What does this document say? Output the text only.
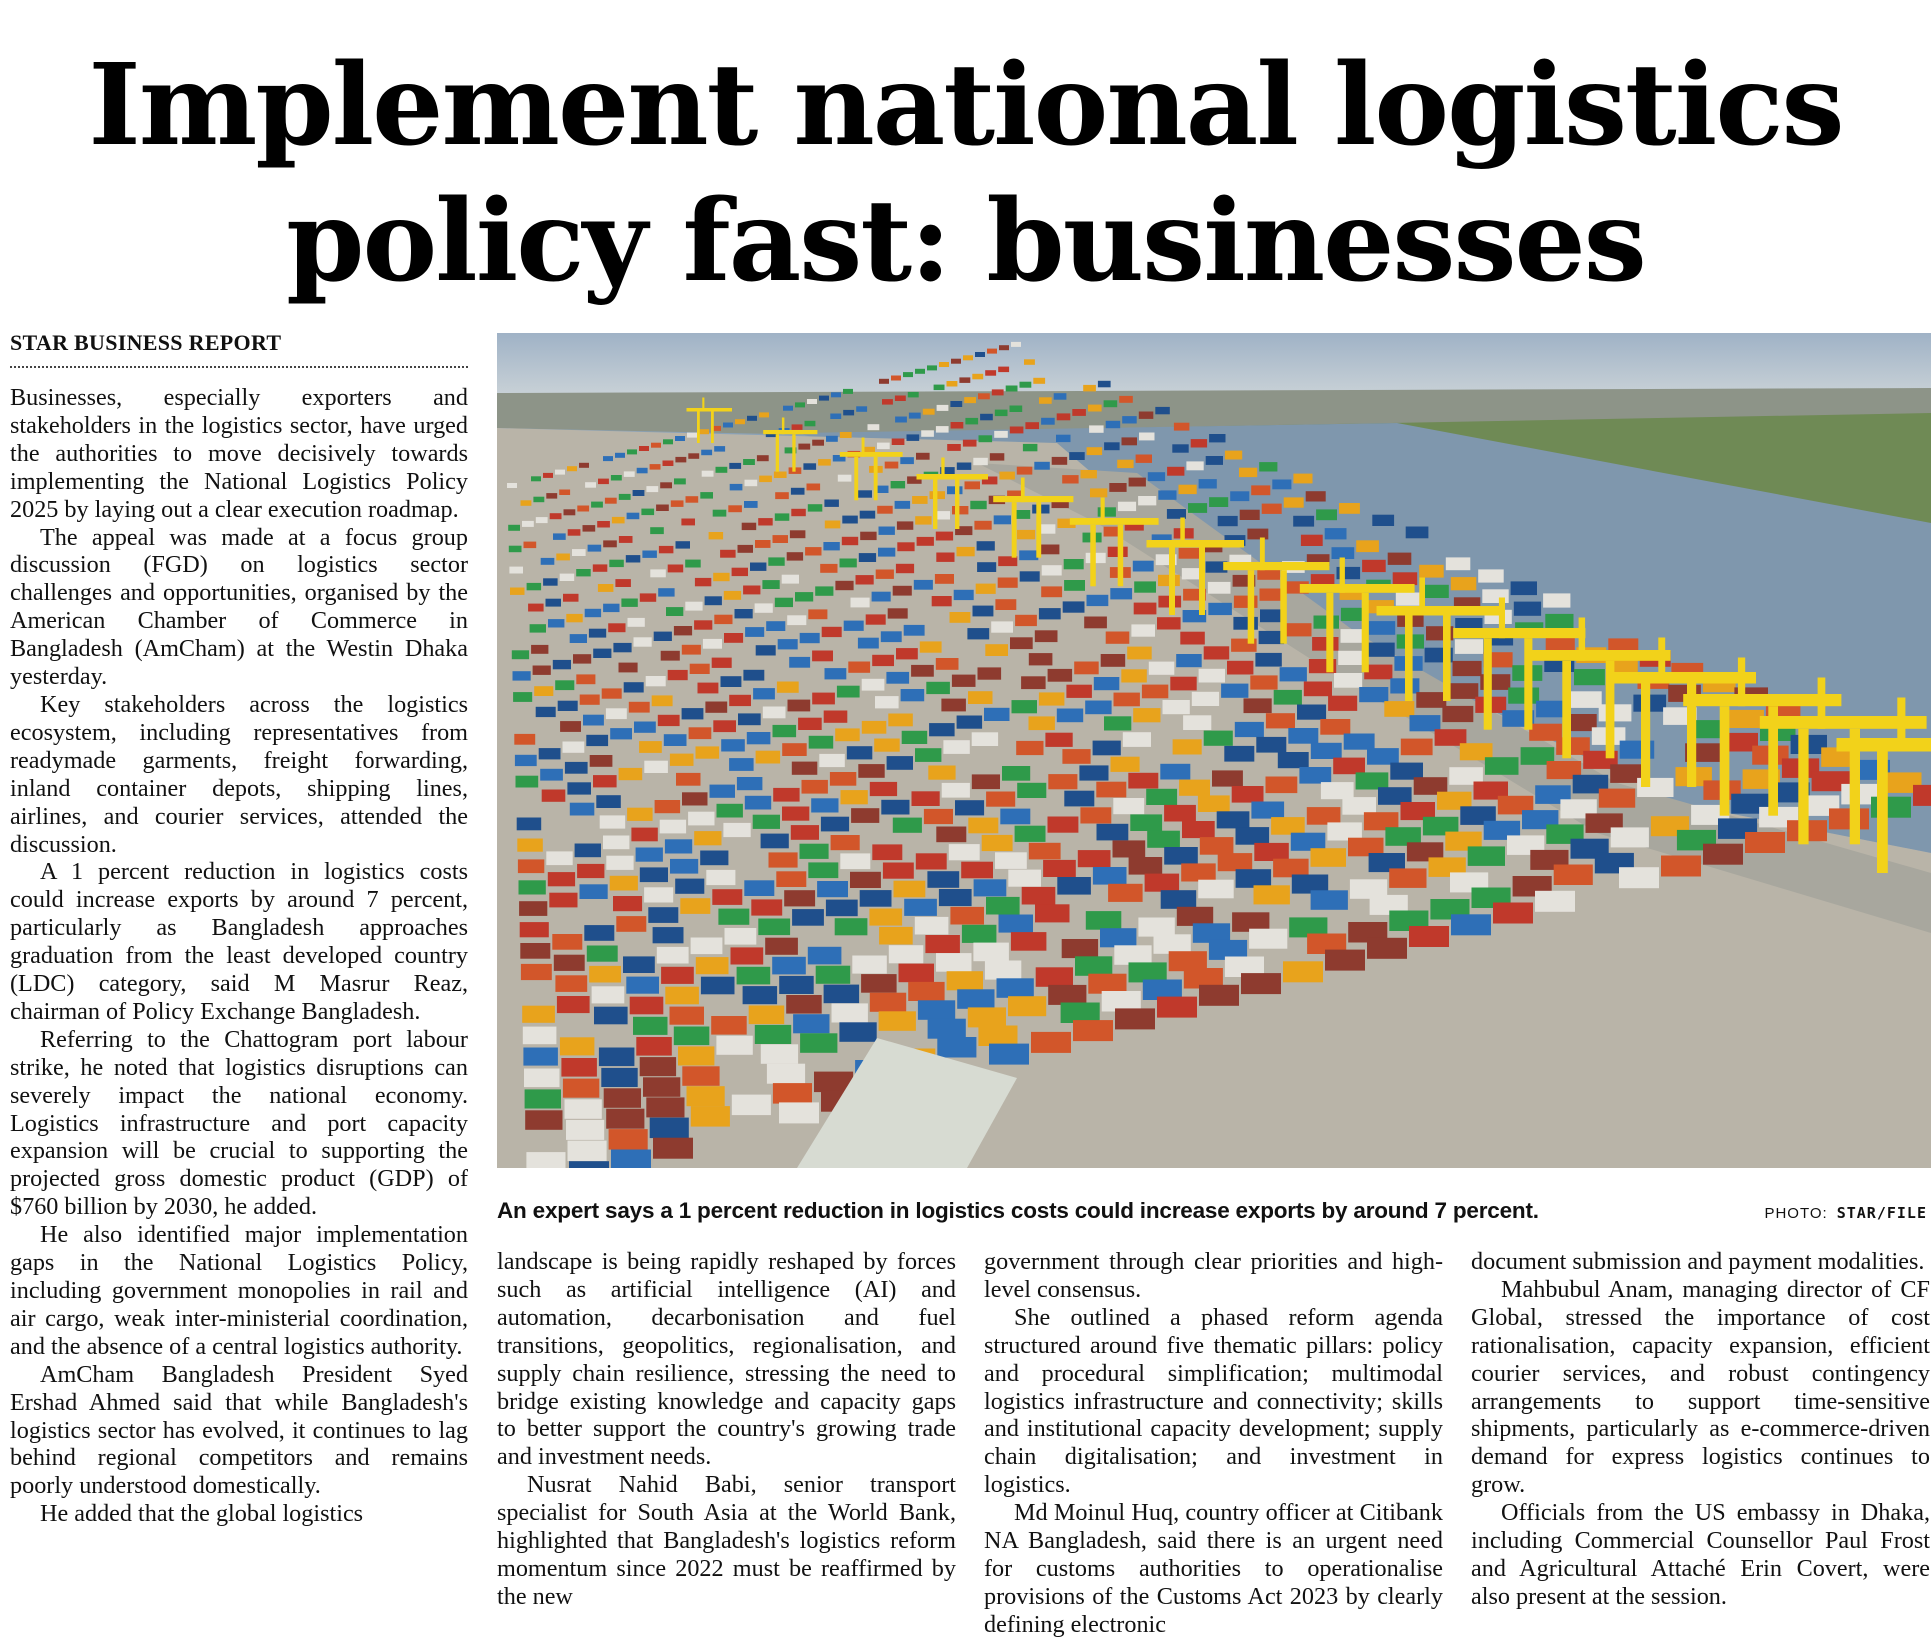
Implement national logistics
policy fast: businesses
STAR BUSINESS REPORT

Businesses, especially exporters and stakeholders in the logistics sector, have urged the authorities to move decisively towards implementing the National Logistics Policy 2025 by laying out a clear execution roadmap.

The appeal was made at a focus group discussion (FGD) on logistics sector challenges and opportunities, organised by the American Chamber of Commerce in Bangladesh (AmCham) at the Westin Dhaka yesterday.

Key stakeholders across the logistics ecosystem, including representatives from readymade garments, freight forwarding, inland container depots, shipping lines, airlines, and courier services, attended the discussion.

A 1 percent reduction in logistics costs could increase exports by around 7 percent, particularly as Bangladesh approaches graduation from the least developed country (LDC) category, said M Masrur Reaz, chairman of Policy Exchange Bangladesh.

Referring to the Chattogram port labour strike, he noted that logistics disruptions can severely impact the national economy. Logistics infrastructure and port capacity expansion will be crucial to supporting the projected gross domestic product (GDP) of $760 billion by 2030, he added.

He also identified major implementation gaps in the National Logistics Policy, including government monopolies in rail and air cargo, weak inter-ministerial coordination, and the absence of a central logistics authority.

AmCham Bangladesh President Syed Ershad Ahmed said that while Bangladesh's logistics sector has evolved, it continues to lag behind regional competitors and remains poorly understood domestically.

He added that the global logistics

An expert says a 1 percent reduction in logistics costs could increase exports by around 7 percent.	PHOTO: STAR/FILE

landscape is being rapidly reshaped by forces such as artificial intelligence (AI) and automation, decarbonisation and fuel transitions, geopolitics, regionalisation, and supply chain resilience, stressing the need to bridge existing knowledge and capacity gaps to better support the country's growing trade and investment needs.

Nusrat Nahid Babi, senior transport specialist for South Asia at the World Bank, highlighted that Bangladesh's logistics reform momentum since 2022 must be reaffirmed by the new

government through clear priorities and high-level consensus.

She outlined a phased reform agenda structured around five thematic pillars: policy and procedural simplification; multimodal logistics infrastructure and connectivity; skills and institutional capacity development; supply chain digitalisation; and investment in logistics.

Md Moinul Huq, country officer at Citibank NA Bangladesh, said there is an urgent need for customs authorities to operationalise provisions of the Customs Act 2023 by clearly defining electronic

document submission and payment modalities.

Mahbubul Anam, managing director of CF Global, stressed the importance of cost rationalisation, capacity expansion, efficient courier services, and robust contingency arrangements to support time-sensitive shipments, particularly as e-commerce-driven demand for express logistics continues to grow.

Officials from the US embassy in Dhaka, including Commercial Counsellor Paul Frost and Agricultural Attaché Erin Covert, were also present at the session.
